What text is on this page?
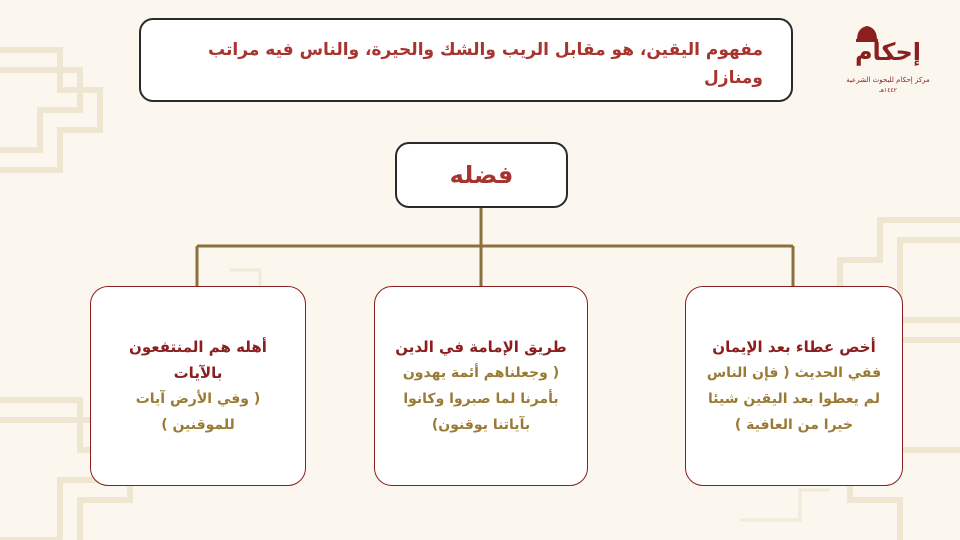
إحكام
مركز إحكام للبحوث الشرعية
١٤٤٢هـ
مفهوم اليقين، هو مقابل الريب والشك والحيرة، والناس فيه مراتب ومنازل
فضله
أخص عطاء بعد الإيمان
ففي الحديث ( فإن الناس لم يعطوا بعد اليقين شيئا خيرا من العافية )
طريق الإمامة في الدين
( وجعلناهم أئمة يهدون بأمرنا لما صبروا وكانوا بآياتنا يوقنون)
أهله هم المنتفعون بالآيات
( وفي الأرض آيات للموقنين )
